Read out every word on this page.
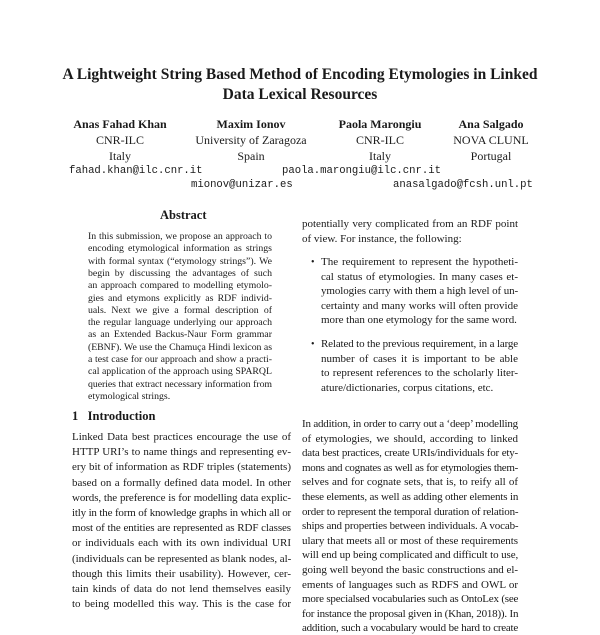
A Lightweight String Based Method of Encoding Etymologies in Linked
Data Lexical Resources
Anas Fahad Khan
CNR-ILC
Italy
Maxim Ionov
University of Zaragoza
Spain
Paola Marongiu
CNR-ILC
Italy
Ana Salgado
NOVA CLUNL
Portugal
fahad.khan@ilc.cnr.it
mionov@unizar.es
paola.marongiu@ilc.cnr.it
anasalgado@fcsh.unl.pt
Abstract
In this submission, we propose an approach to
encoding etymological information as strings
with formal syntax (“etymology strings”). We
begin by discussing the advantages of such
an approach compared to modelling etymolo-
gies and etymons explicitly as RDF individ-
uals. Next we give a formal description of
the regular language underlying our approach
as an Extended Backus-Naur Form grammar
(EBNF). We use the Chamuça Hindi lexicon as
a test case for our approach and show a practi-
cal application of the approach using SPARQL
queries that extract necessary information from
etymological strings.
1 Introduction
Linked Data best practices encourage the use of
HTTP URI’s to name things and representing ev-
ery bit of information as RDF triples (statements)
based on a formally defined data model. In other
words, the preference is for modelling data explic-
itly in the form of knowledge graphs in which all or
most of the entities are represented as RDF classes
or individuals each with its own individual URI
(individuals can be represented as blank nodes, al-
though this limits their usability). However, cer-
tain kinds of data do not lend themselves easily
to being modelled this way. This is the case for
potentially very complicated from an RDF point
of view. For instance, the following:
• The requirement to represent the hypotheti-
cal status of etymologies. In many cases et-
ymologies carry with them a high level of un-
certainty and many works will often provide
more than one etymology for the same word.
• Related to the previous requirement, in a large
number of cases it is important to be able
to represent references to the scholarly liter-
ature/dictionaries, corpus citations, etc.
In addition, in order to carry out a ‘deep’ modelling
of etymologies, we should, according to linked
data best practices, create URIs/individuals for ety-
mons and cognates as well as for etymologies them-
selves and for cognate sets, that is, to reify all of
these elements, as well as adding other elements in
order to represent the temporal duration of relation-
ships and properties between individuals. A vocab-
ulary that meets all or most of these requirements
will end up being complicated and difficult to use,
going well beyond the basic constructions and el-
ements of languages such as RDFS and OWL or
more specialsed vocabularies such as OntoLex (see
for instance the proposal given in (Khan, 2018)). In
addition, such a vocabulary would be hard to create
